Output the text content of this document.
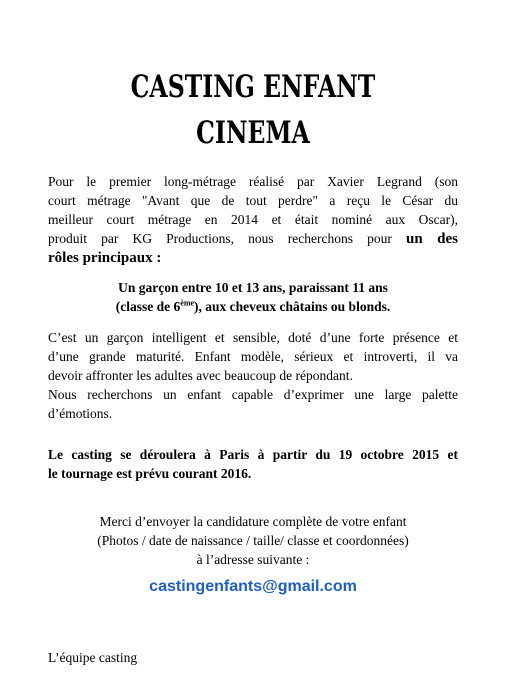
CASTING ENFANT
CINEMA
Pour le premier long-métrage réalisé par Xavier Legrand (son
court métrage "Avant que de tout perdre" a reçu le César du
meilleur court métrage en 2014 et était nominé aux Oscar),
produit par KG Productions, nous recherchons pour un des
rôles principaux :
Un garçon entre 10 et 13 ans, paraissant 11 ans
(classe de 6ème), aux cheveux châtains ou blonds.
C’est un garçon intelligent et sensible, doté d’une forte présence et
d’une grande maturité. Enfant modèle, sérieux et introverti, il va
devoir affronter les adultes avec beaucoup de répondant.
Nous recherchons un enfant capable d’exprimer une large palette
d’émotions.
Le casting se déroulera à Paris à partir du 19 octobre 2015 et
le tournage est prévu courant 2016.
Merci d’envoyer la candidature complète de votre enfant
(Photos / date de naissance / taille/ classe et coordonnées)
à l’adresse suivante :
castingenfants@gmail.com
L’équipe casting
